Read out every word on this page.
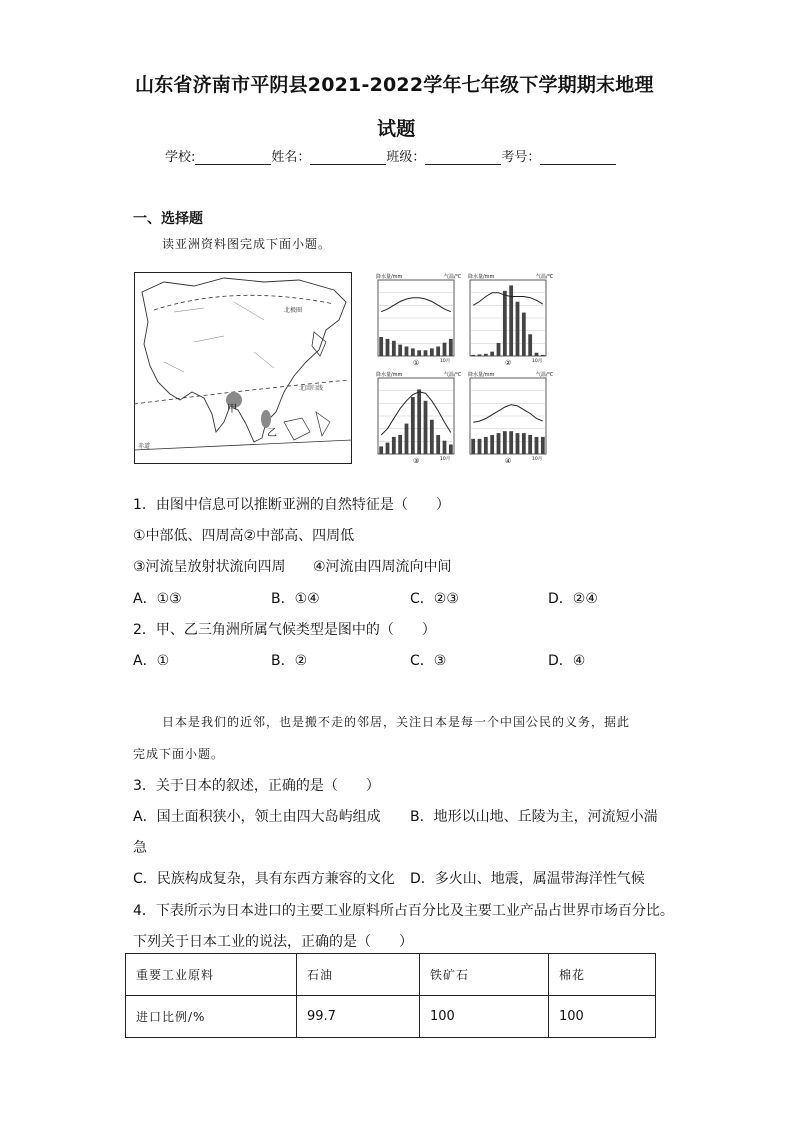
山东省济南市平阴县2021-2022学年七年级下学期期末地理
试题
学校:	姓名：	班级：	考号：
一、选择题
读亚洲资料图完成下面小题。
北极圈
北回归线
赤道
甲
乙
①
降水量/mm	气温/℃
10月	②
降水量/mm	气温/℃
10月
③
降水量/mm	气温/℃
10月	④
降水量/mm	气温/℃
10月
1．由图中信息可以推断亚洲的自然特征是（　　）
①中部低、四周高②中部高、四周低
③河流呈放射状流向四周 ④河流由四周流向中间
A．①③	B．①④	C．②③	D．②④
2．甲、乙三角洲所属气候类型是图中的（　　）
A．①	B．②	C．③	D．④
日本是我们的近邻，也是搬不走的邻居，关注日本是每一个中国公民的义务，据此
完成下面小题。
3．关于日本的叙述，正确的是（　　）
A．国土面积狭小，领土由四大岛屿组成 B．地形以山地、丘陵为主，河流短小湍
急
C．民族构成复杂，具有东西方兼容的文化 D．多火山、地震，属温带海洋性气候
4．下表所示为日本进口的主要工业原料所占百分比及主要工业产品占世界市场百分比。
下列关于日本工业的说法，正确的是（　　）
重要工业原料	石油	铁矿石	棉花
进口比例/%	99.7	100	100
